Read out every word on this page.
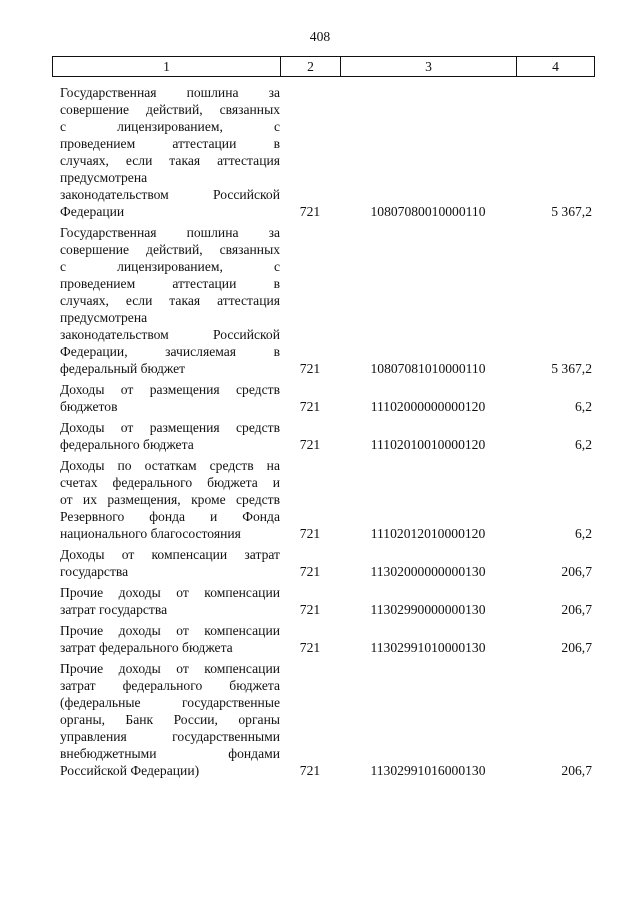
408
1	2	3	4
Государственная пошлина за
совершение действий, связанных
с лицензированием, с
проведением аттестации в
случаях, если такая аттестация
предусмотрена
законодательством Российской
Федерации	721	10807080010000110	5 367,2
Государственная пошлина за
совершение действий, связанных
с лицензированием, с
проведением аттестации в
случаях, если такая аттестация
предусмотрена
законодательством Российской
Федерации, зачисляемая в
федеральный бюджет	721	10807081010000110	5 367,2
Доходы от размещения средств
бюджетов	721	11102000000000120	6,2
Доходы от размещения средств
федерального бюджета	721	11102010010000120	6,2
Доходы по остаткам средств на
счетах федерального бюджета и
от их размещения, кроме средств
Резервного фонда и Фонда
национального благосостояния	721	11102012010000120	6,2
Доходы от компенсации затрат
государства	721	11302000000000130	206,7
Прочие доходы от компенсации
затрат государства	721	11302990000000130	206,7
Прочие доходы от компенсации
затрат федерального бюджета	721	11302991010000130	206,7
Прочие доходы от компенсации
затрат федерального бюджета
(федеральные государственные
органы, Банк России, органы
управления государственными
внебюджетными фондами
Российской Федерации)	721	11302991016000130	206,7
